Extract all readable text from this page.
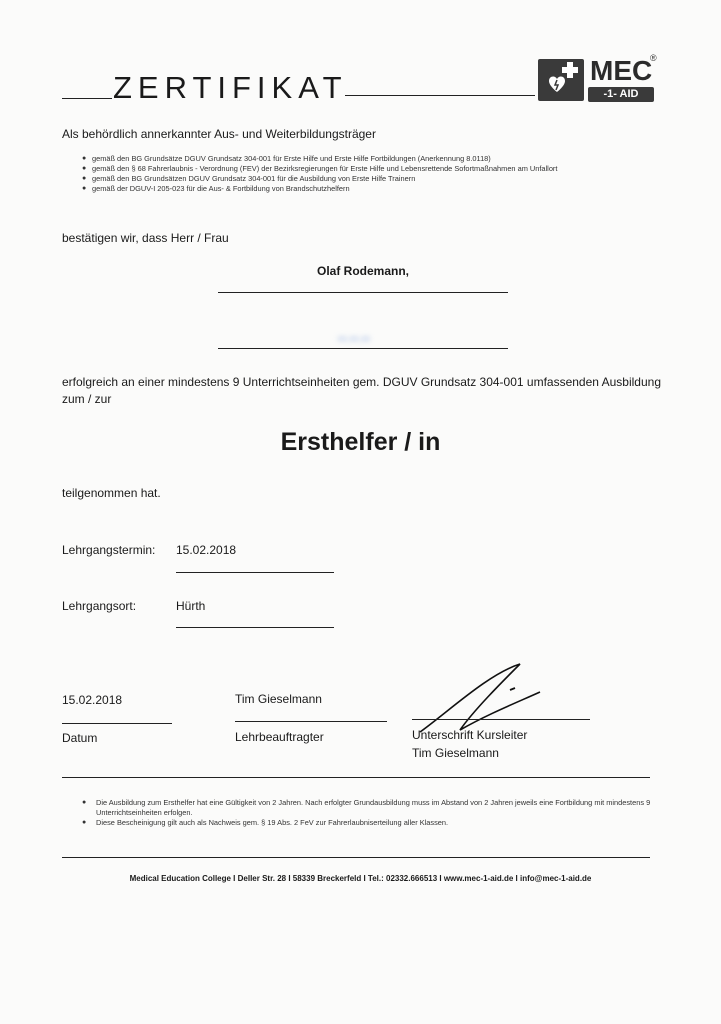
ZERTIFIKAT	MEC
®
-1- AID
Als behördlich annerkannter Aus- und Weiterbildungsträger
● gemäß den BG Grundsätze DGUV Grundsatz 304-001 für Erste Hilfe und Erste Hilfe Fortbildungen (Anerkennung 8.0118)
● gemäß den § 68 Fahrerlaubnis - Verordnung (FEV) der Bezirksregierungen für Erste Hilfe und Lebensrettende Sofortmaßnahmen am Unfallort
● gemäß den BG Grundsätzen DGUV Grundsatz 304-001 für die Ausbildung von Erste Hilfe Trainern
● gemäß der DGUV-I 205-023 für die Aus- & Fortbildung von Brandschutzhelfern
bestätigen wir, dass Herr / Frau
Olaf Rodemann,
••.••.••
erfolgreich an einer mindestens 9 Unterrichtseinheiten gem. DGUV Grundsatz 304-001 umfassenden Ausbildung zum / zur
Ersthelfer / in
teilgenommen hat.
Lehrgangstermin: 15.02.2018
Lehrgangsort:	Hürth
15.02.2018
Datum
Tim Gieselmann
Lehrbeauftragter	Unterschrift Kursleiter
Tim Gieselmann
● Die Ausbildung zum Ersthelfer hat eine Gültigkeit von 2 Jahren. Nach erfolgter Grundausbildung muss im Abstand von 2 Jahren jeweils eine Fortbildung mit mindestens 9 Unterrichtseinheiten erfolgen.
● Diese Bescheinigung gilt auch als Nachweis gem. § 19 Abs. 2 FeV zur Fahrerlaubniserteilung aller Klassen.
Medical Education College I Deller Str. 28 I 58339 Breckerfeld I Tel.: 02332.666513 I www.mec-1-aid.de I info@mec-1-aid.de
